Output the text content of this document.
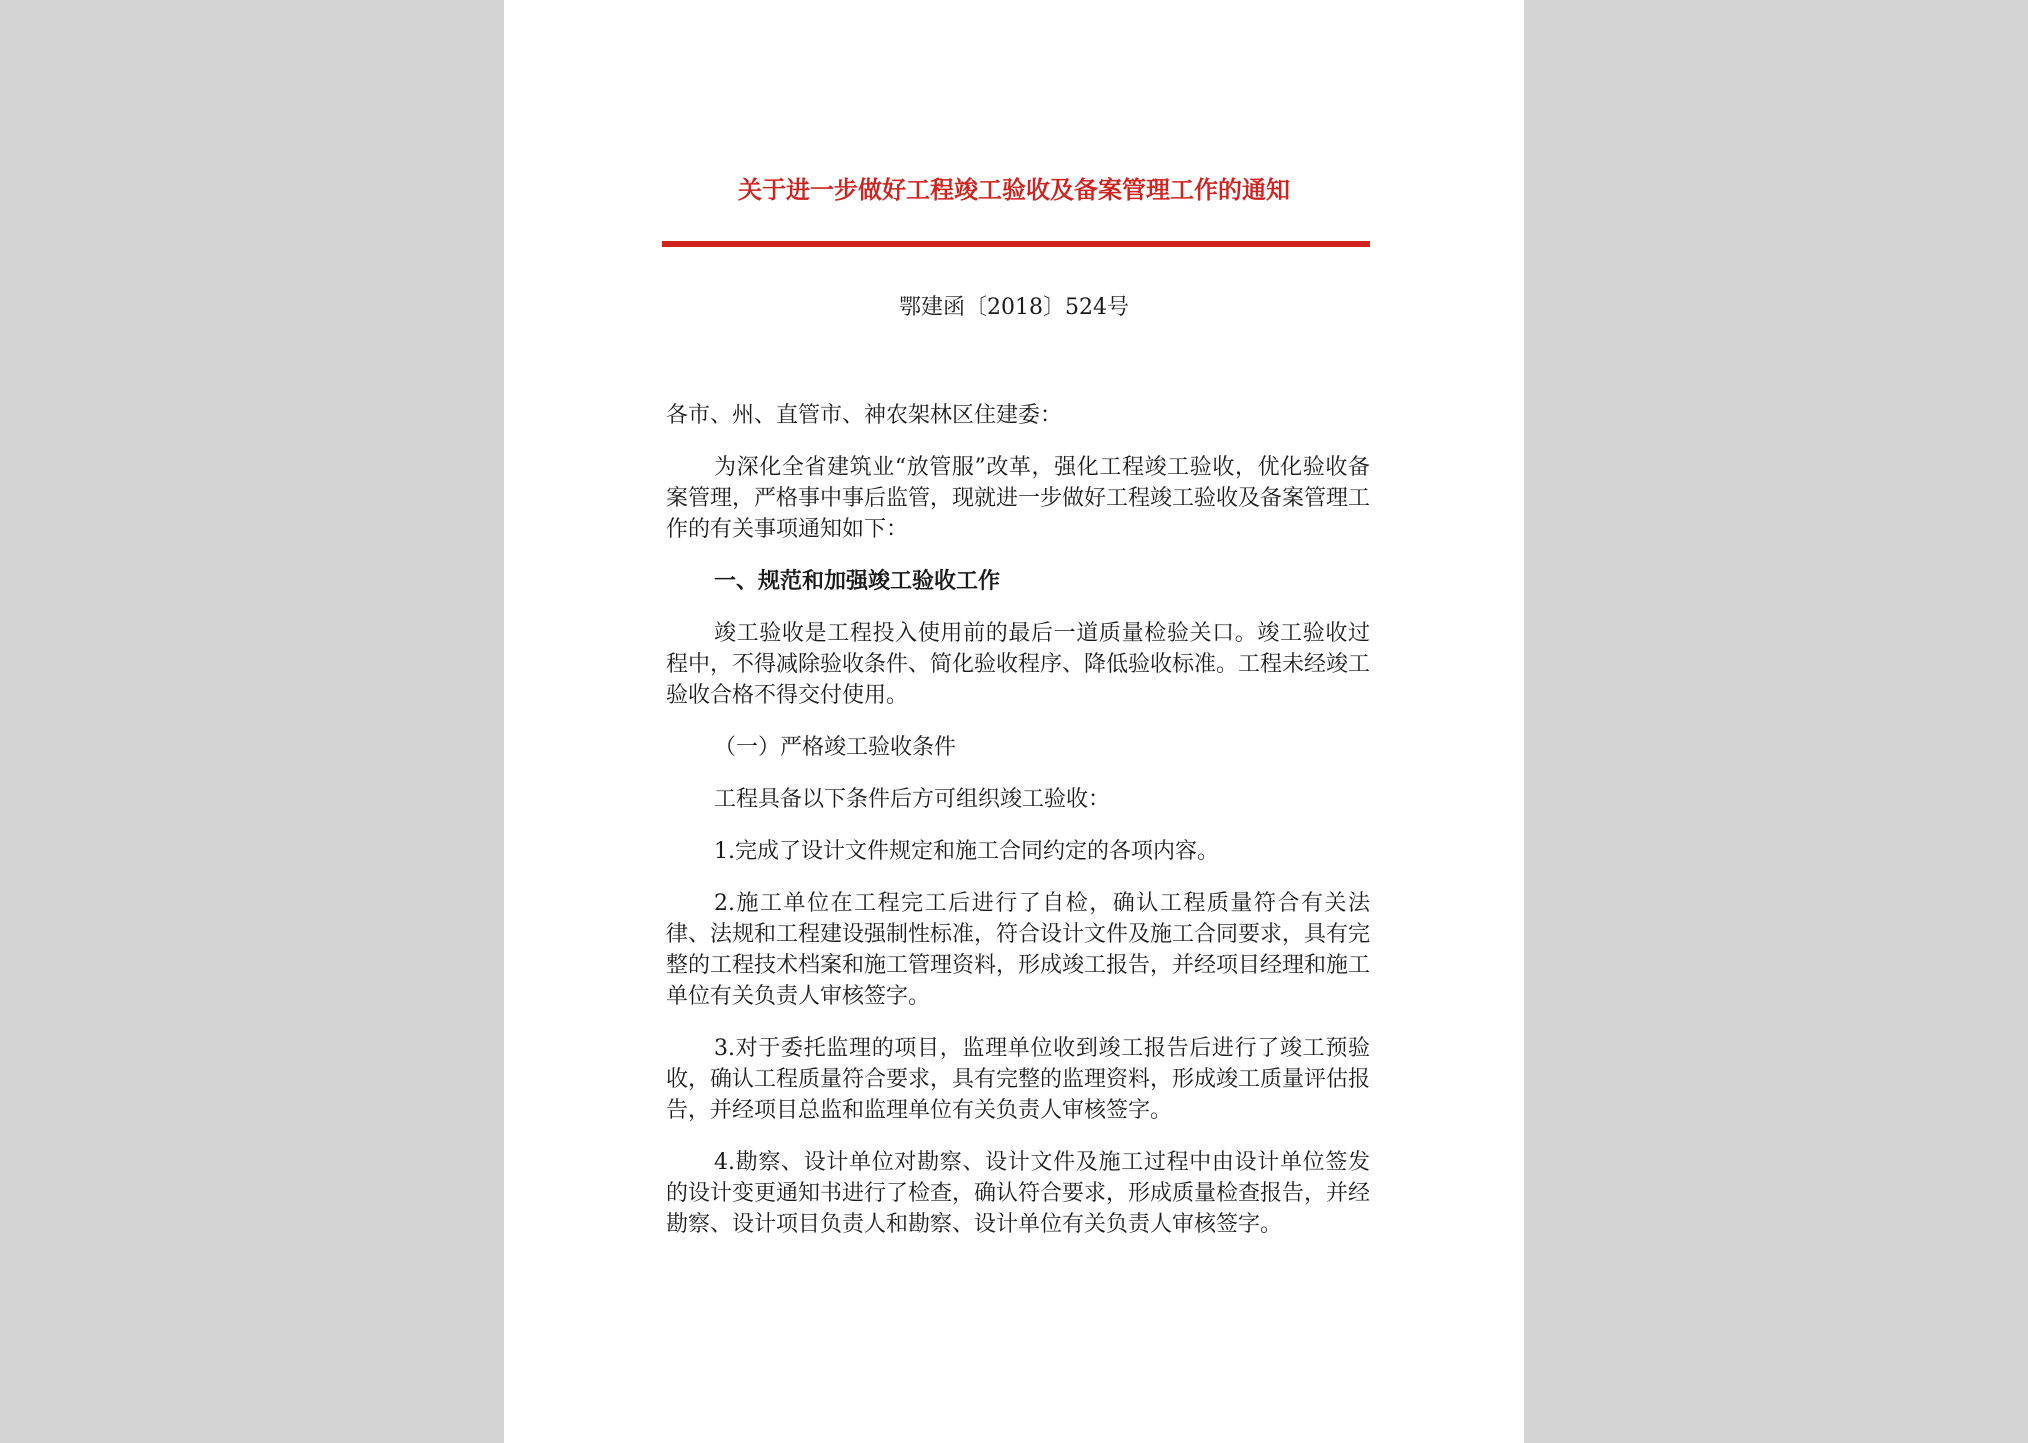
关于进一步做好工程竣工验收及备案管理工作的通知
鄂建函〔2018〕524号

各市、州、直管市、神农架林区住建委：

为深化全省建筑业“放管服”改革，强化工程竣工验收，优化验收备案管理，严格事中事后监管，现就进一步做好工程竣工验收及备案管理工作的有关事项通知如下：

一、规范和加强竣工验收工作

竣工验收是工程投入使用前的最后一道质量检验关口。竣工验收过程中，不得减除验收条件、简化验收程序、降低验收标准。工程未经竣工验收合格不得交付使用。

（一）严格竣工验收条件

工程具备以下条件后方可组织竣工验收：

1.完成了设计文件规定和施工合同约定的各项内容。

2.施工单位在工程完工后进行了自检，确认工程质量符合有关法律、法规和工程建设强制性标准，符合设计文件及施工合同要求，具有完整的工程技术档案和施工管理资料，形成竣工报告，并经项目经理和施工单位有关负责人审核签字。

3.对于委托监理的项目，监理单位收到竣工报告后进行了竣工预验收，确认工程质量符合要求，具有完整的监理资料，形成竣工质量评估报告，并经项目总监和监理单位有关负责人审核签字。

4.勘察、设计单位对勘察、设计文件及施工过程中由设计单位签发的设计变更通知书进行了检查，确认符合要求，形成质量检查报告，并经勘察、设计项目负责人和勘察、设计单位有关负责人审核签字。
